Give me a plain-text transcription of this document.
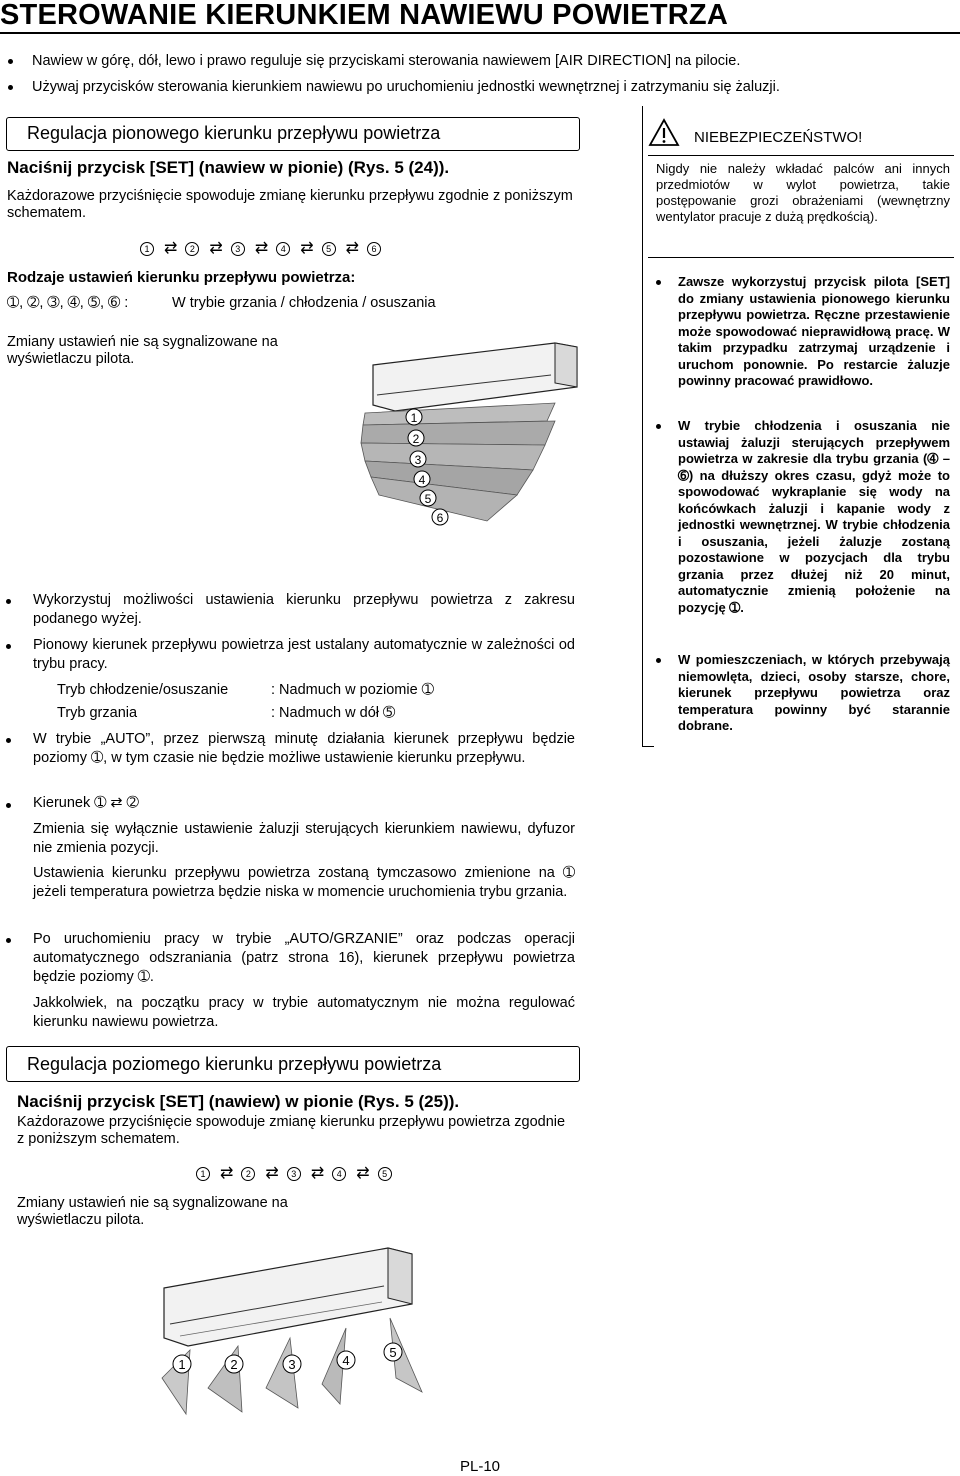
STEROWANIE KIERUNKIEM NAWIEWU POWIETRZA
Nawiew w górę, dół, lewo i prawo reguluje się przyciskami sterowania nawiewem [AIR DIRECTION] na pilocie.
Używaj przycisków sterowania kierunkiem nawiewu po uruchomieniu jednostki wewnętrznej i zatrzymaniu się żaluzji.
Regulacja pionowego kierunku przepływu powietrza
Naciśnij przycisk [SET] (nawiew w pionie) (Rys. 5 (24)).
Każdorazowe przyciśnięcie spowoduje zmianę kierunku przepływu zgodnie z poniższym schematem.
1 ⇄	2 ⇄	3 ⇄	4 ⇄	5 ⇄	6
Rodzaje ustawień kierunku przepływu powietrza:
➀, ➁, ➂, ➃, ➄, ➅ :	W trybie grzania / chłodzenia / osuszania
Zmiany ustawień nie są sygnalizowane na wyświetlaczu pilota.
1
2
3
4
5
6
Wykorzystuj możliwości ustawienia kierunku przepływu powietrza z zakresu podanego wyżej.
Pionowy kierunek przepływu powietrza jest ustalany automatycznie w zależności od trybu pracy.
Tryb chłodzenie/osuszanie	: Nadmuch w poziomie ➀
Tryb grzania	: Nadmuch w dół ➄
W trybie „AUTO”, przez pierwszą minutę działania kierunek przepływu będzie poziomy ➀, w tym czasie nie będzie możliwe ustawienie kierunku przepływu.
Kierunek ➀ ⇄ ➁
Zmienia się wyłącznie ustawienie żaluzji sterujących kierunkiem nawiewu, dyfuzor nie zmienia pozycji.
Ustawienia kierunku przepływu powietrza zostaną tymczasowo zmienione na ➀ jeżeli temperatura powietrza będzie niska w momencie uruchomienia trybu grzania.
Po uruchomieniu pracy w trybie „AUTO/GRZANIE” oraz podczas operacji automatycznego odszraniania (patrz strona 16), kierunek przepływu powietrza będzie poziomy ➀.
Jakkolwiek, na początku pracy w trybie automatycznym nie można regulować kierunku nawiewu powietrza.
NIEBEZPIECZEŃSTWO!
Nigdy nie należy wkładać palców ani innych przedmiotów w wylot powietrza, takie postępowanie grozi obrażeniami (wewnętrzny wentylator pracuje z dużą prędkością).
Zawsze wykorzystuj przycisk pilota [SET] do zmiany ustawienia pionowego kierunku przepływu powietrza. Ręczne przestawienie może spowodować nieprawidłową pracę. W takim przypadku zatrzymaj urządzenie i uruchom ponownie. Po restarcie żaluzje powinny pracować prawidłowo.
W trybie chłodzenia i osuszania nie ustawiaj żaluzji sterujących przepływem powietrza w zakresie dla trybu grzania (➃ – ➅) na dłuższy okres czasu, gdyż może to spowodować wykraplanie się wody na końcówkach żaluzji i kapanie wody z jednostki wewnętrznej. W trybie chłodzenia i osuszania, jeżeli żaluzje zostaną pozostawione w pozycjach dla trybu grzania przez dłużej niż 20 minut, automatycznie zmienią położenie na pozycję ➀.
W pomieszczeniach, w których przebywają niemowlęta, dzieci, osoby starsze, chore, kierunek przepływu powietrza oraz temperatura powinny być starannie dobrane.
Regulacja poziomego kierunku przepływu powietrza
Naciśnij przycisk [SET] (nawiew) w pionie (Rys. 5 (25)).
Każdorazowe przyciśnięcie spowoduje zmianę kierunku przepływu powietrza zgodnie z poniższym schematem.
1 ⇄	2 ⇄	3 ⇄	4 ⇄	5
Zmiany ustawień nie są sygnalizowane na wyświetlaczu pilota.
1	2	3	4
5
PL-10
